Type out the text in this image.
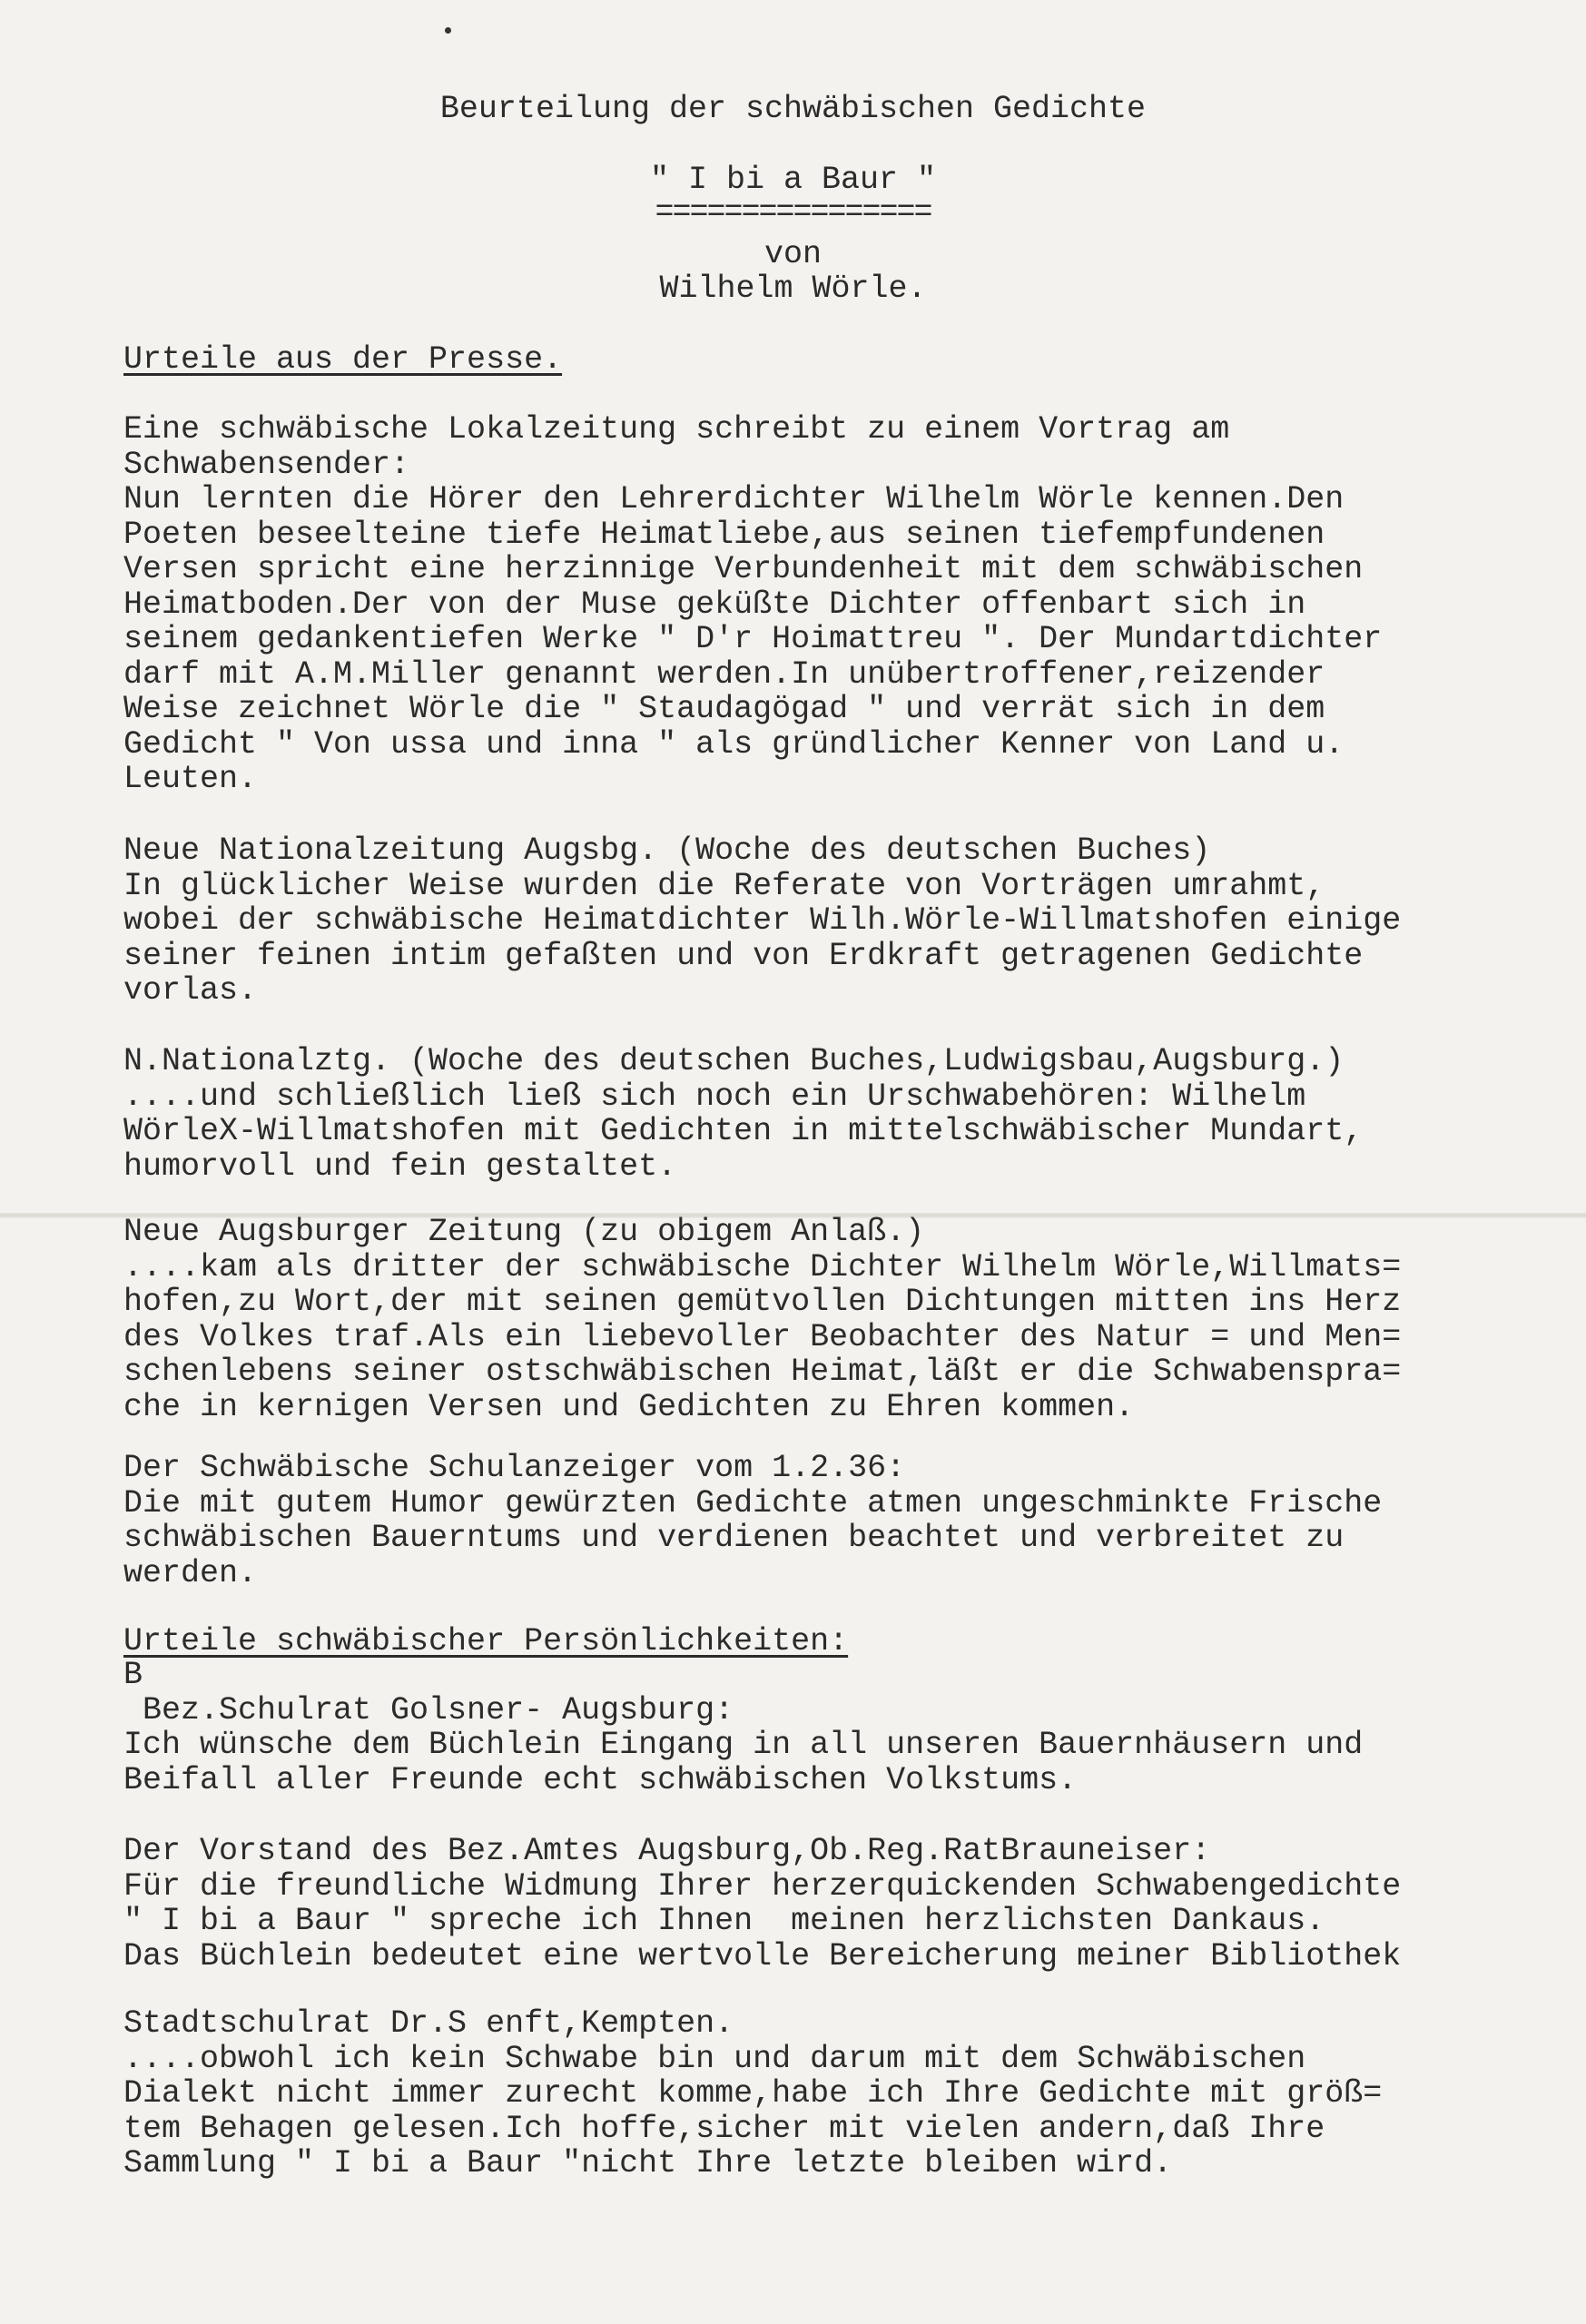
Beurteilung der schwäbischen Gedichte

" I bi a Baur "

================

von

Wilhelm Wörle.

Urteile aus der Presse.

Eine schwäbische Lokalzeitung schreibt zu einem Vortrag am
Schwabensender:
Nun lernten die Hörer den Lehrerdichter Wilhelm Wörle kennen.Den
Poeten beseelteine tiefe Heimatliebe,aus seinen tiefempfundenen
Versen spricht eine herzinnige Verbundenheit mit dem schwäbischen
Heimatboden.Der von der Muse geküßte Dichter offenbart sich in
seinem gedankentiefen Werke " D'r Hoimattreu ". Der Mundartdichter
darf mit A.M.Miller genannt werden.In unübertroffener,reizender
Weise zeichnet Wörle die " Staudagögad " und verrät sich in dem
Gedicht " Von ussa und inna " als gründlicher Kenner von Land u.
Leuten.

Neue Nationalzeitung Augsbg. (Woche des deutschen Buches)
In glücklicher Weise wurden die Referate von Vorträgen umrahmt,
wobei der schwäbische Heimatdichter Wilh.Wörle-Willmatshofen einige
seiner feinen intim gefaßten und von Erdkraft getragenen Gedichte
vorlas.

N.Nationalztg. (Woche des deutschen Buches,Ludwigsbau,Augsburg.)
....und schließlich ließ sich noch ein Urschwabehören: Wilhelm
WörleX-Willmatshofen mit Gedichten in mittelschwäbischer Mundart,
humorvoll und fein gestaltet.

Neue Augsburger Zeitung (zu obigem Anlaß.)
....kam als dritter der schwäbische Dichter Wilhelm Wörle,Willmats=
hofen,zu Wort,der mit seinen gemütvollen Dichtungen mitten ins Herz
des Volkes traf.Als ein liebevoller Beobachter des Natur = und Men=
schenlebens seiner ostschwäbischen Heimat,läßt er die Schwabenspra=
che in kernigen Versen und Gedichten zu Ehren kommen.

Der Schwäbische Schulanzeiger vom 1.2.36:
Die mit gutem Humor gewürzten Gedichte atmen ungeschminkte Frische
schwäbischen Bauerntums und verdienen beachtet und verbreitet zu
werden.

Urteile schwäbischer Persönlichkeiten:

B
Bez.Schulrat Golsner- Augsburg:
Ich wünsche dem Büchlein Eingang in all unseren Bauernhäusern und
Beifall aller Freunde echt schwäbischen Volkstums.

Der Vorstand des Bez.Amtes Augsburg,Ob.Reg.RatBrauneiser:
Für die freundliche Widmung Ihrer herzerquickenden Schwabengedichte
" I bi a Baur " spreche ich Ihnen  meinen herzlichsten Dankaus.
Das Büchlein bedeutet eine wertvolle Bereicherung meiner Bibliothek

Stadtschulrat Dr.S enft,Kempten.
....obwohl ich kein Schwabe bin und darum mit dem Schwäbischen
Dialekt nicht immer zurecht komme,habe ich Ihre Gedichte mit größ=
tem Behagen gelesen.Ich hoffe,sicher mit vielen andern,daß Ihre
Sammlung " I bi a Baur "nicht Ihre letzte bleiben wird.
